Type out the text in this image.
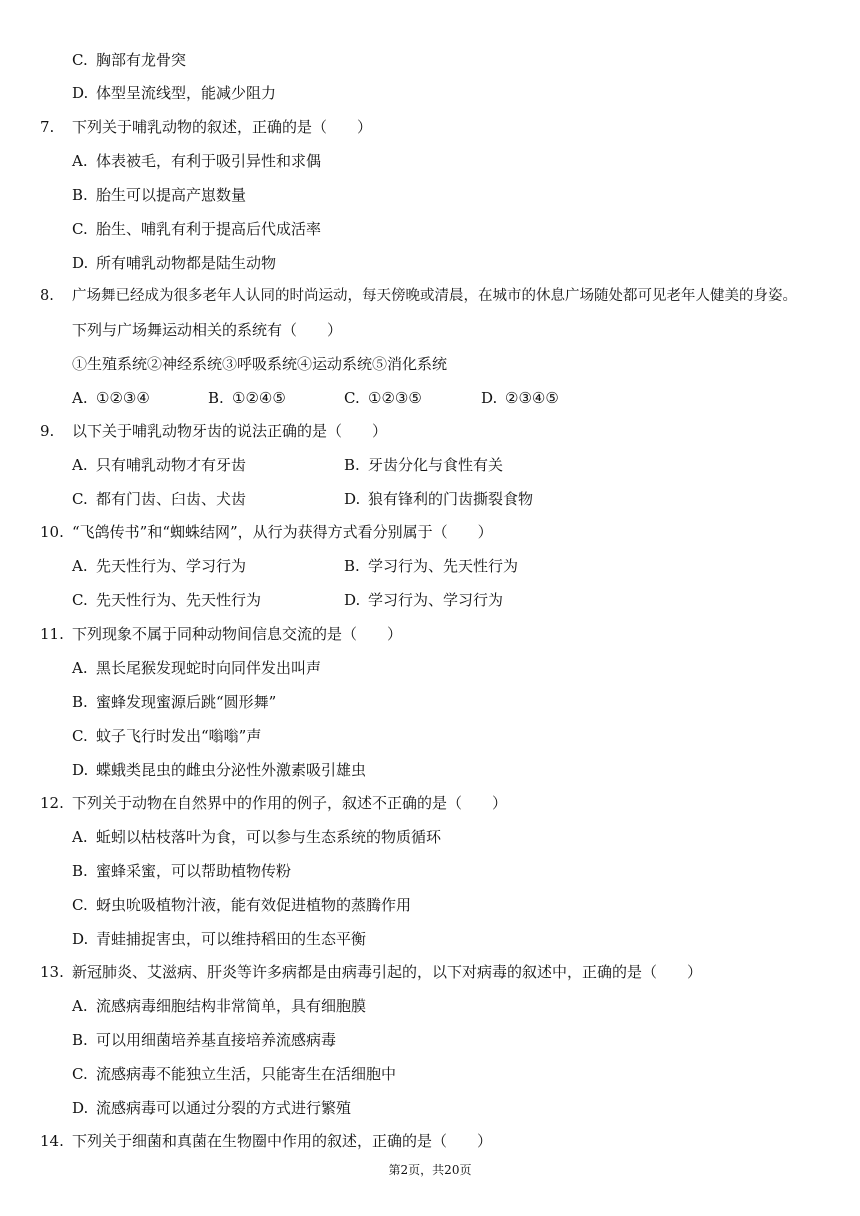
C. 胸部有龙骨突
D. 体型呈流线型，能减少阻力
7. 下列关于哺乳动物的叙述，正确的是（　　）
A. 体表被毛，有利于吸引异性和求偶
B. 胎生可以提高产崽数量
C. 胎生、哺乳有利于提高后代成活率
D. 所有哺乳动物都是陆生动物
8. 广场舞已经成为很多老年人认同的时尚运动，每天傍晚或清晨，在城市的休息广场随处都可见老年人健美的身姿。
下列与广场舞运动相关的系统有（　　）
①生殖系统②神经系统③呼吸系统④运动系统⑤消化系统
A. ①②③④	B. ①②④⑤	C. ①②③⑤	D. ②③④⑤
9. 以下关于哺乳动物牙齿的说法正确的是（　　）
A. 只有哺乳动物才有牙齿	B. 牙齿分化与食性有关
C. 都有门齿、臼齿、犬齿	D. 狼有锋利的门齿撕裂食物
10. “飞鸽传书”和“蜘蛛结网”，从行为获得方式看分别属于（　　）
A. 先天性行为、学习行为	B. 学习行为、先天性行为
C. 先天性行为、先天性行为	D. 学习行为、学习行为
11. 下列现象不属于同种动物间信息交流的是（　　）
A. 黑长尾猴发现蛇时向同伴发出叫声
B. 蜜蜂发现蜜源后跳“圆形舞”
C. 蚊子飞行时发出“嗡嗡”声
D. 蝶蛾类昆虫的雌虫分泌性外激素吸引雄虫
12. 下列关于动物在自然界中的作用的例子，叙述不正确的是（　　）
A. 蚯蚓以枯枝落叶为食，可以参与生态系统的物质循环
B. 蜜蜂采蜜，可以帮助植物传粉
C. 蚜虫吮吸植物汁液，能有效促进植物的蒸腾作用
D. 青蛙捕捉害虫，可以维持稻田的生态平衡
13. 新冠肺炎、艾滋病、肝炎等许多病都是由病毒引起的，以下对病毒的叙述中，正确的是（　　）
A. 流感病毒细胞结构非常简单，具有细胞膜
B. 可以用细菌培养基直接培养流感病毒
C. 流感病毒不能独立生活，只能寄生在活细胞中
D. 流感病毒可以通过分裂的方式进行繁殖
14. 下列关于细菌和真菌在生物圈中作用的叙述，正确的是（　　）
第2页，共20页
